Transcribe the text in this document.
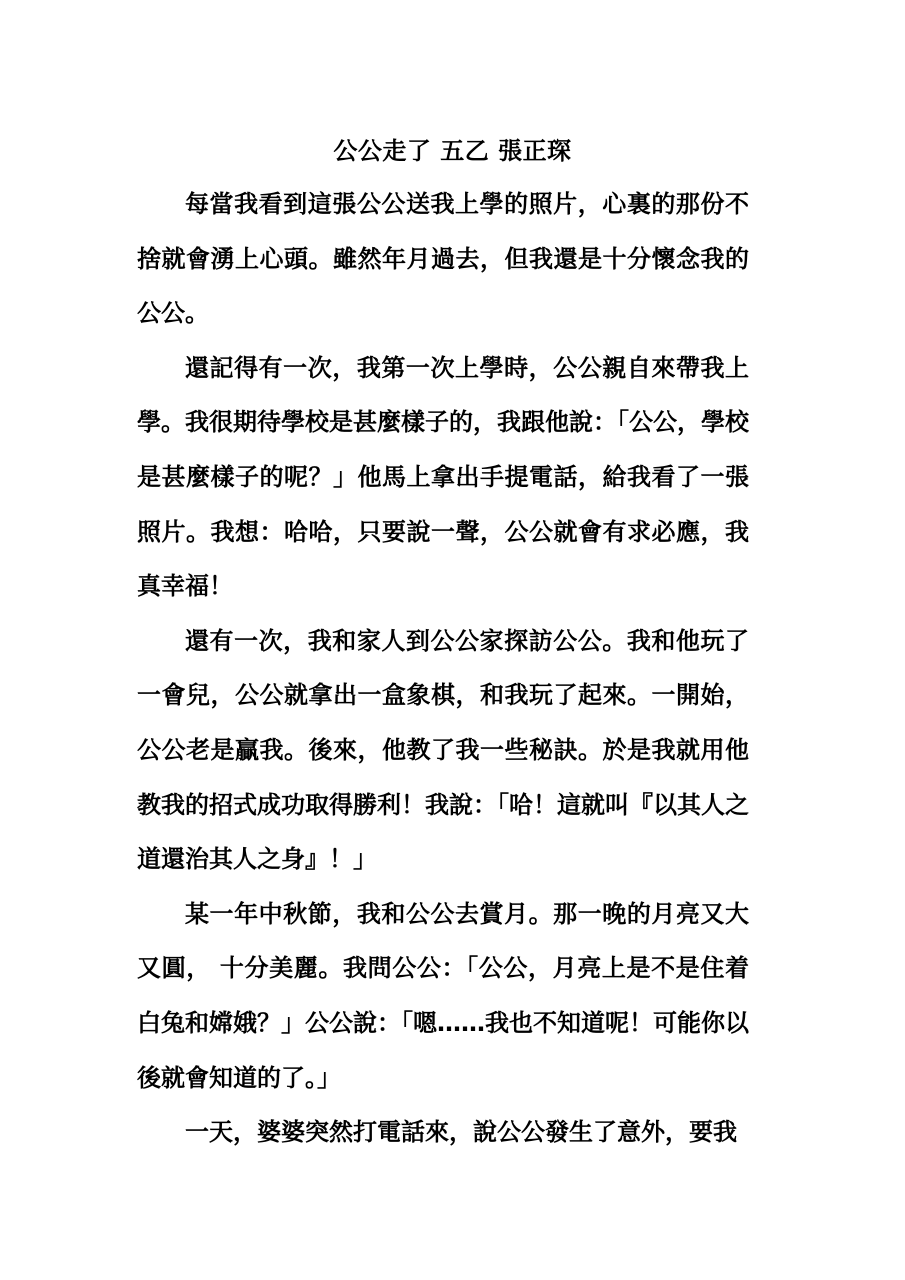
公公走了 五乙 張正琛

每當我看到這張公公送我上學的照片，心裏的那份不捨就會湧上心頭。雖然年月過去，但我還是十分懷念我的公公。

還記得有一次，我第一次上學時，公公親自來帶我上學。我很期待學校是甚麼樣子的，我跟他說：「公公，學校是甚麼樣子的呢？」他馬上拿出手提電話，給我看了一張照片。我想：哈哈，只要說一聲，公公就會有求必應，我真幸福！

還有一次，我和家人到公公家探訪公公。我和他玩了一會兒，公公就拿出一盒象棋，和我玩了起來。一開始，公公老是贏我。後來，他教了我一些秘訣。於是我就用他教我的招式成功取得勝利！我說：「哈！這就叫『以其人之道還治其人之身』！」

某一年中秋節，我和公公去賞月。那一晚的月亮又大又圓， 十分美麗。我問公公：「公公，月亮上是不是住着白兔和嫦娥？」公公說：「嗯……我也不知道呢！可能你以後就會知道的了。」

一天，婆婆突然打電話來，說公公發生了意外，要我
